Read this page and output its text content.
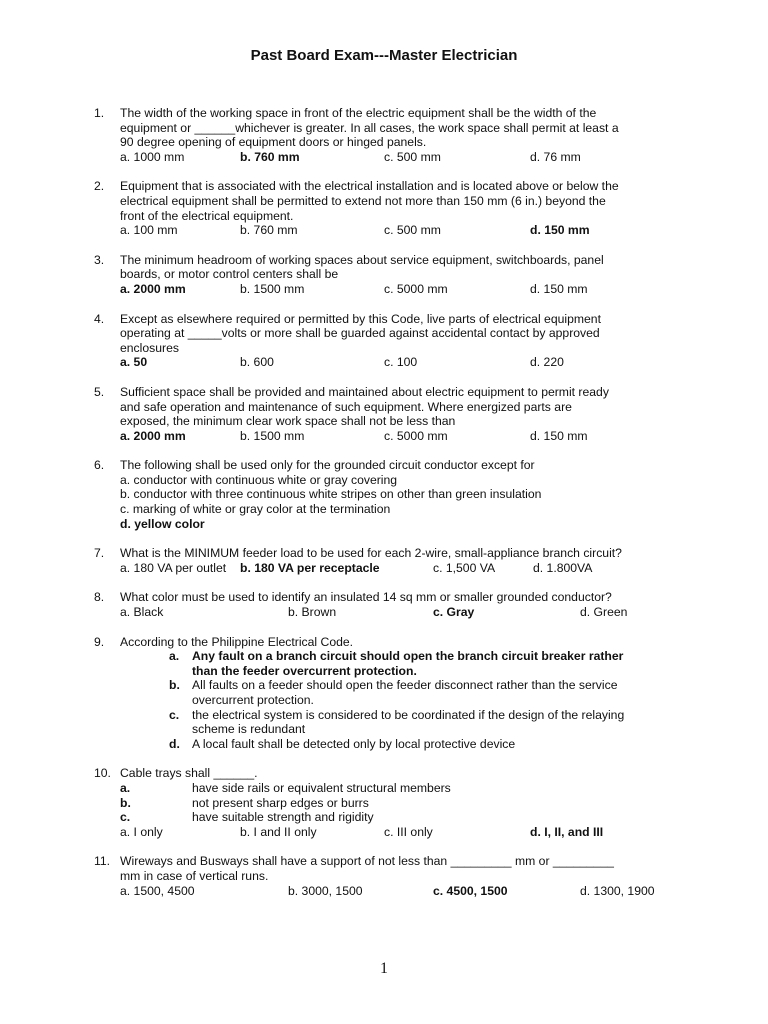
Past Board Exam---Master Electrician
1. The width of the working space in front of the electric equipment shall be the width of the
equipment or ______whichever is greater. In all cases, the work space shall permit at least a
90 degree opening of equipment doors or hinged panels.
a. 1000 mm	b. 760 mm	c. 500 mm	d. 76 mm
2. Equipment that is associated with the electrical installation and is located above or below the
electrical equipment shall be permitted to extend not more than 150 mm (6 in.) beyond the
front of the electrical equipment.
a. 100 mm	b. 760 mm	c. 500 mm	d. 150 mm
3. The minimum headroom of working spaces about service equipment, switchboards, panel
boards, or motor control centers shall be
a. 2000 mm	b. 1500 mm	c. 5000 mm	d. 150 mm
4. Except as elsewhere required or permitted by this Code, live parts of electrical equipment
operating at _____volts or more shall be guarded against accidental contact by approved
enclosures
a. 50	b. 600	c. 100	d. 220
5. Sufficient space shall be provided and maintained about electric equipment to permit ready
and safe operation and maintenance of such equipment. Where energized parts are
exposed, the minimum clear work space shall not be less than
a. 2000 mm	b. 1500 mm	c. 5000 mm	d. 150 mm
6. The following shall be used only for the grounded circuit conductor except for
a. conductor with continuous white or gray covering
b. conductor with three continuous white stripes on other than green insulation
c. marking of white or gray color at the termination
d. yellow color
7. What is the MINIMUM feeder load to be used for each 2-wire, small-appliance branch circuit?
a. 180 VA per outlet b. 180 VA per receptacle	c. 1,500 VA	d. 1.800VA
8. What color must be used to identify an insulated 14 sq mm or smaller grounded conductor?
a. Black	b. Brown	c. Gray	d. Green
9. According to the Philippine Electrical Code.
a. Any fault on a branch circuit should open the branch circuit breaker rather
than the feeder overcurrent protection.
b. All faults on a feeder should open the feeder disconnect rather than the service
overcurrent protection.
c. the electrical system is considered to be coordinated if the design of the relaying
scheme is redundant
d. A local fault shall be detected only by local protective device
10. Cable trays shall ______.
a.	have side rails or equivalent structural members
b.	not present sharp edges or burrs
c.	have suitable strength and rigidity
a. I only	b. I and II only	c. III only	d. I, II, and III
11. Wireways and Busways shall have a support of not less than _________ mm or _________
mm in case of vertical runs.
a. 1500, 4500	b. 3000, 1500	c. 4500, 1500	d. 1300, 1900
1
